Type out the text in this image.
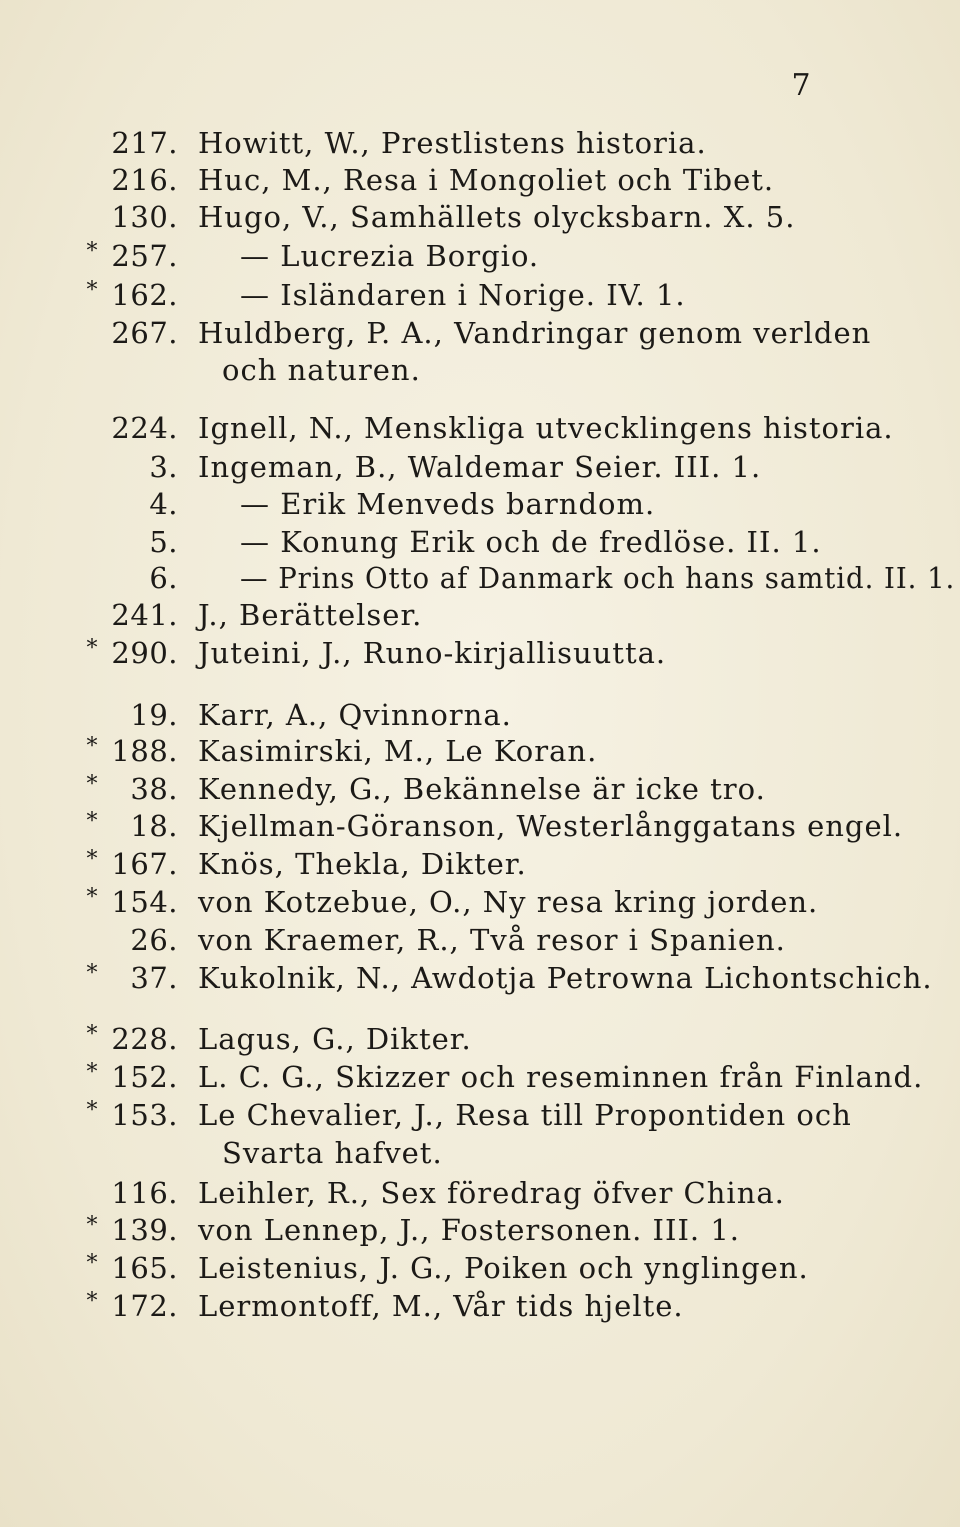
7
217. Howitt, W., Prestlistens historia.
216. Huc, M., Resa i Mongoliet och Tibet.
130. Hugo, V., Samhällets olycksbarn. X. 5.
* 257. — Lucrezia Borgio.
* 162. — Isländaren i Norige. IV. 1.
267. Huldberg, P. A., Vandringar genom verlden
och naturen.
224. Ignell, N., Menskliga utvecklingens historia.
3. Ingeman, B., Waldemar Seier. III. 1.
4. — Erik Menveds barndom.
5. — Konung Erik och de fredlöse. II. 1.
6. — Prins Otto af Danmark och hans samtid. II. 1.
241. J., Berättelser.
* 290. Juteini, J., Runo-kirjallisuutta.
19. Karr, A., Qvinnorna.
* 188. Kasimirski, M., Le Koran.
*	38. Kennedy, G., Bekännelse är icke tro.
*	18. Kjellman-Göranson, Westerlånggatans engel.
* 167. Knös, Thekla, Dikter.
* 154. von Kotzebue, O., Ny resa kring jorden.
26. von Kraemer, R., Två resor i Spanien.
*	37. Kukolnik, N., Awdotja Petrowna Lichontschich.
* 228. Lagus, G., Dikter.
* 152. L. C. G., Skizzer och reseminnen från Finland.
* 153. Le Chevalier, J., Resa till Propontiden och
Svarta hafvet.
116. Leihler, R., Sex föredrag öfver China.
* 139. von Lennep, J., Fostersonen. III. 1.
* 165. Leistenius, J. G., Poiken och ynglingen.
* 172. Lermontoff, M., Vår tids hjelte.
